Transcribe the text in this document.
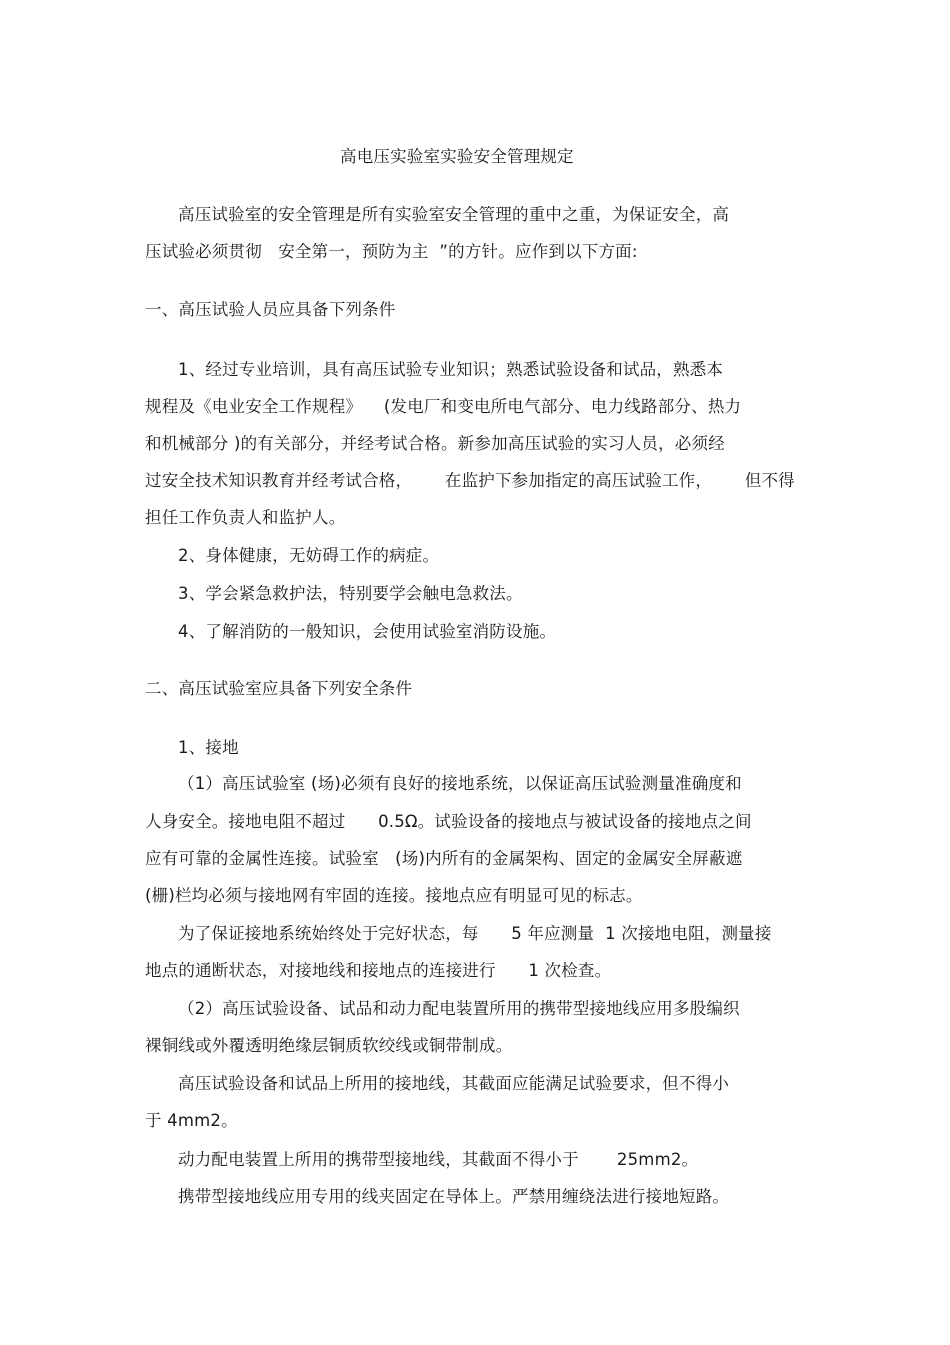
高电压实验室实验安全管理规定
高压试验室的安全管理是所有实验室安全管理的重中之重，为保证安全，高
压试验必须贯彻   安全第一，预防为主  ”的方针。应作到以下方面:
一、高压试验人员应具备下列条件
1、经过专业培训，具有高压试验专业知识；熟悉试验设备和试品，熟悉本
规程及《电业安全工作规程》    (发电厂和变电所电气部分、电力线路部分、热力
和机械部分 )的有关部分，并经考试合格。新参加高压试验的实习人员，必须经
过安全技术知识教育并经考试合格，      在监护下参加指定的高压试验工作，      但不得
担任工作负责人和监护人。
2、身体健康，无妨碍工作的病症。
3、学会紧急救护法，特别要学会触电急救法。
4、了解消防的一般知识，会使用试验室消防设施。
二、高压试验室应具备下列安全条件
1、接地
（1）高压试验室 (场)必须有良好的接地系统，以保证高压试验测量准确度和
人身安全。接地电阻不超过      0.5Ω。试验设备的接地点与被试设备的接地点之间
应有可靠的金属性连接。试验室   (场)内所有的金属架构、固定的金属安全屏蔽遮
(栅)栏均必须与接地网有牢固的连接。接地点应有明显可见的标志。
为了保证接地系统始终处于完好状态，每      5 年应测量  1 次接地电阻，测量接
地点的通断状态，对接地线和接地点的连接进行      1 次检查。
（2）高压试验设备、试品和动力配电装置所用的携带型接地线应用多股编织
裸铜线或外覆透明绝缘层铜质软绞线或铜带制成。
高压试验设备和试品上所用的接地线，其截面应能满足试验要求，但不得小
于 4mm2。
动力配电装置上所用的携带型接地线，其截面不得小于       25mm2。
携带型接地线应用专用的线夹固定在导体上。严禁用缠绕法进行接地短路。
